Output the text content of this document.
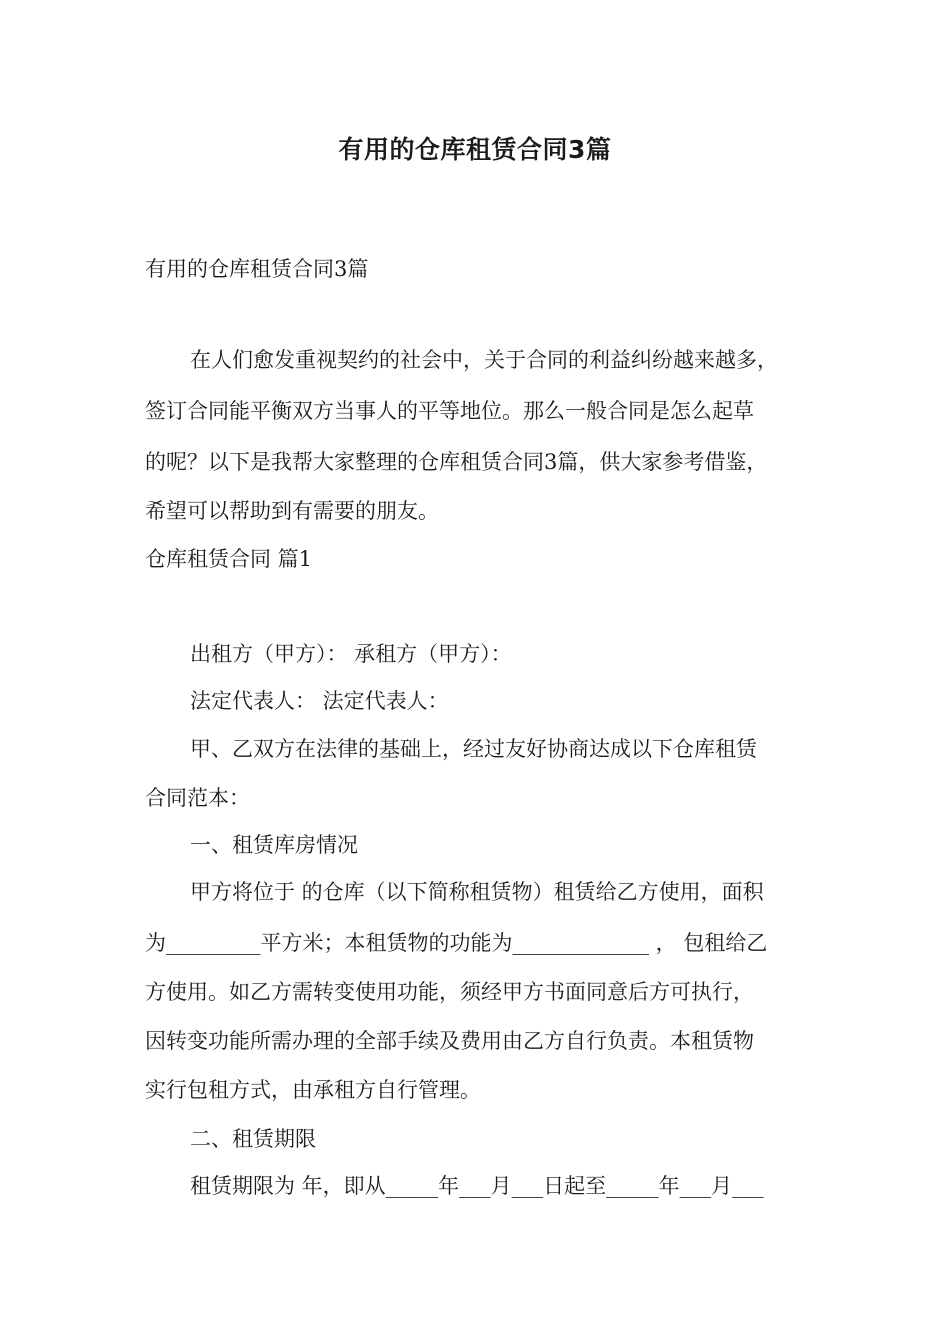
有用的仓库租赁合同3篇
有用的仓库租赁合同3篇
在人们愈发重视契约的社会中，关于合同的利益纠纷越来越多，
签订合同能平衡双方当事人的平等地位。那么一般合同是怎么起草
的呢？以下是我帮大家整理的仓库租赁合同3篇，供大家参考借鉴，
希望可以帮助到有需要的朋友。
仓库租赁合同 篇1
出租方（甲方）： 承租方（甲方）：
法定代表人： 法定代表人：
甲、乙双方在法律的基础上，经过友好协商达成以下仓库租赁
合同范本：
一、租赁库房情况
甲方将位于 的仓库（以下简称租赁物）租赁给乙方使用，面积
为_________平方米；本租赁物的功能为_____________ ， 包租给乙
方使用。如乙方需转变使用功能，须经甲方书面同意后方可执行，
因转变功能所需办理的全部手续及费用由乙方自行负责。本租赁物
实行包租方式，由承租方自行管理。
二、租赁期限
租赁期限为 年，即从_____年___月___日起至_____年___月___
